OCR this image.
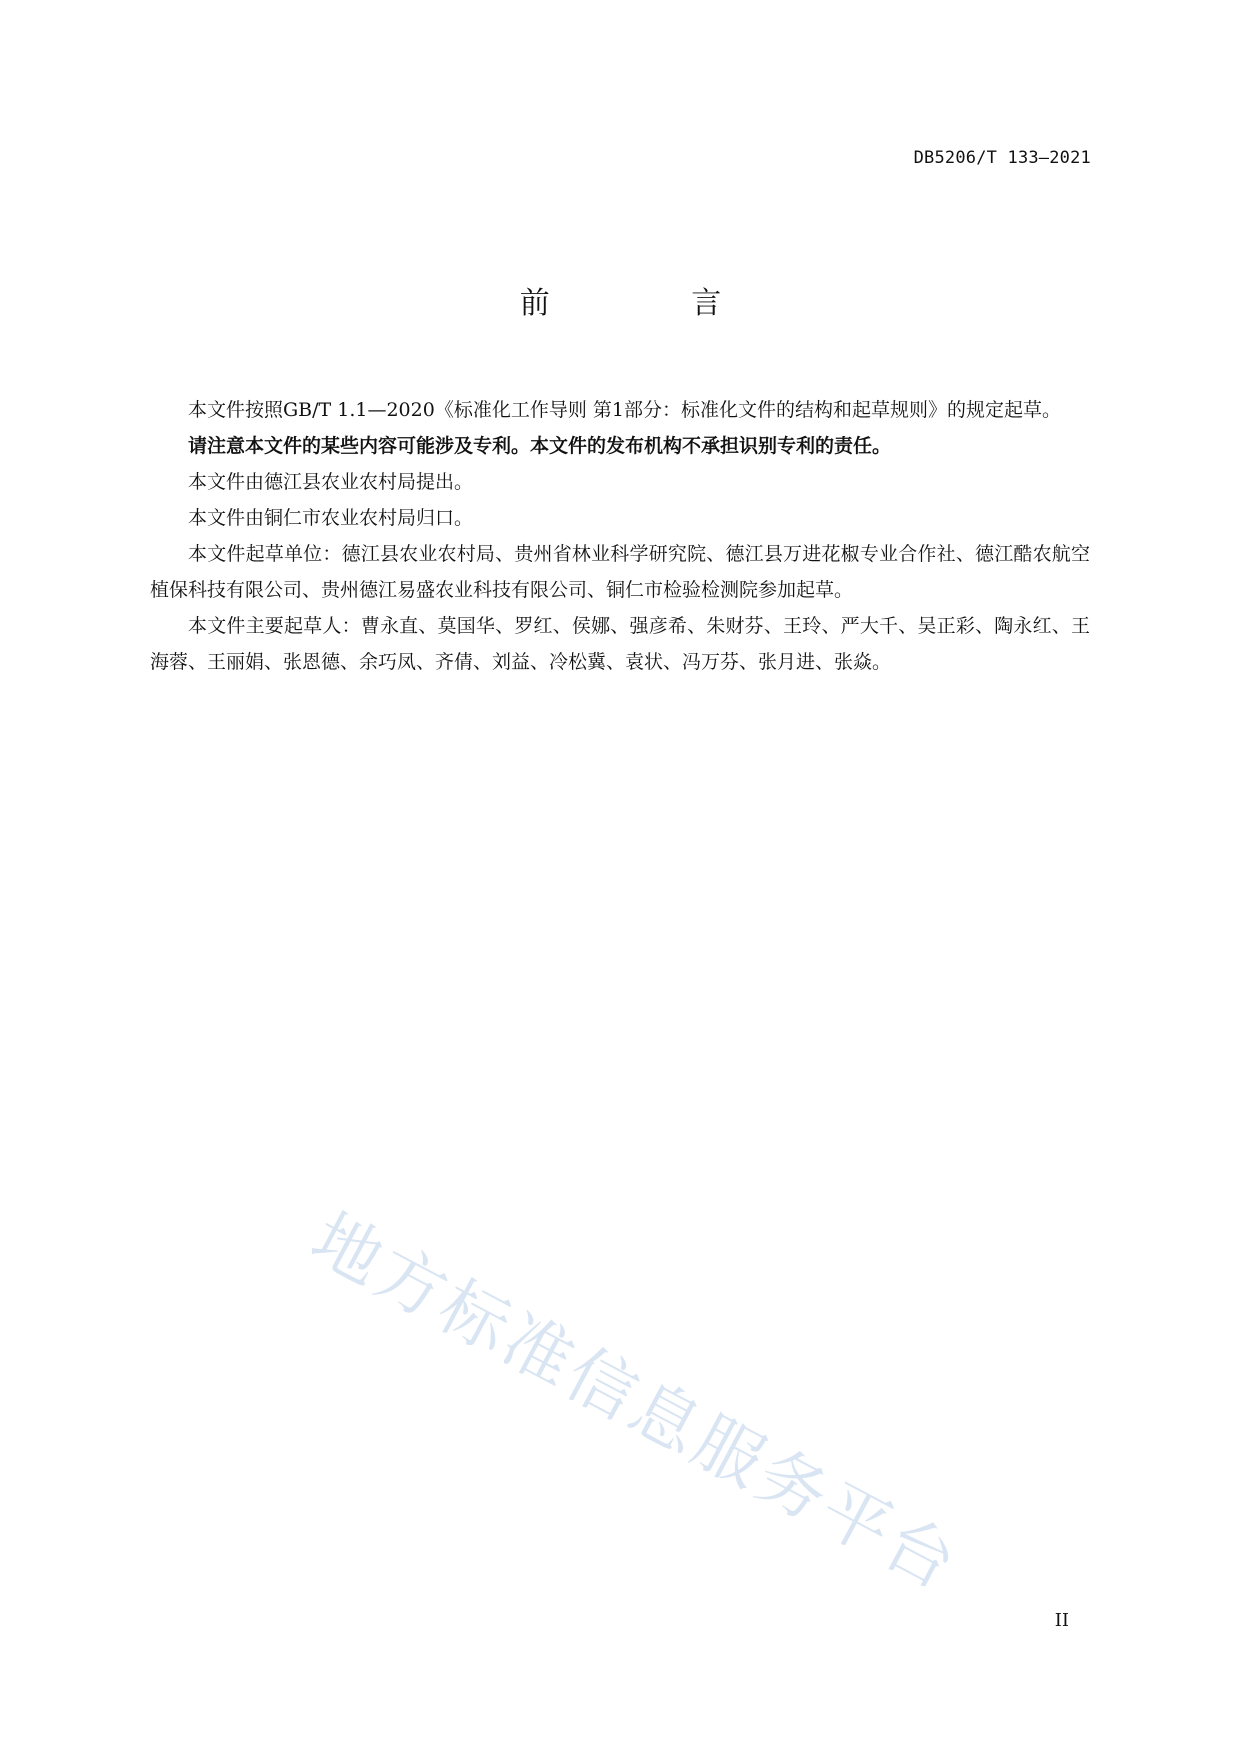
DB5206/T 133—2021
前 言

本文件按照GB/T 1.1—2020《标准化工作导则 第1部分：标准化文件的结构和起草规则》的规定起草。

请注意本文件的某些内容可能涉及专利。本文件的发布机构不承担识别专利的责任。

本文件由德江县农业农村局提出。

本文件由铜仁市农业农村局归口。

本文件起草单位：德江县农业农村局、贵州省林业科学研究院、德江县万进花椒专业合作社、德江酷农航空植保科技有限公司、贵州德江易盛农业科技有限公司、铜仁市检验检测院参加起草。

本文件主要起草人：曹永直、莫国华、罗红、侯娜、强彦希、朱财芬、王玲、严大千、吴正彩、陶永红、王海蓉、王丽娟、张恩德、余巧凤、齐倩、刘益、冷松冀、袁状、冯万芬、张月进、张焱。

地方标准信息服务平台
II
